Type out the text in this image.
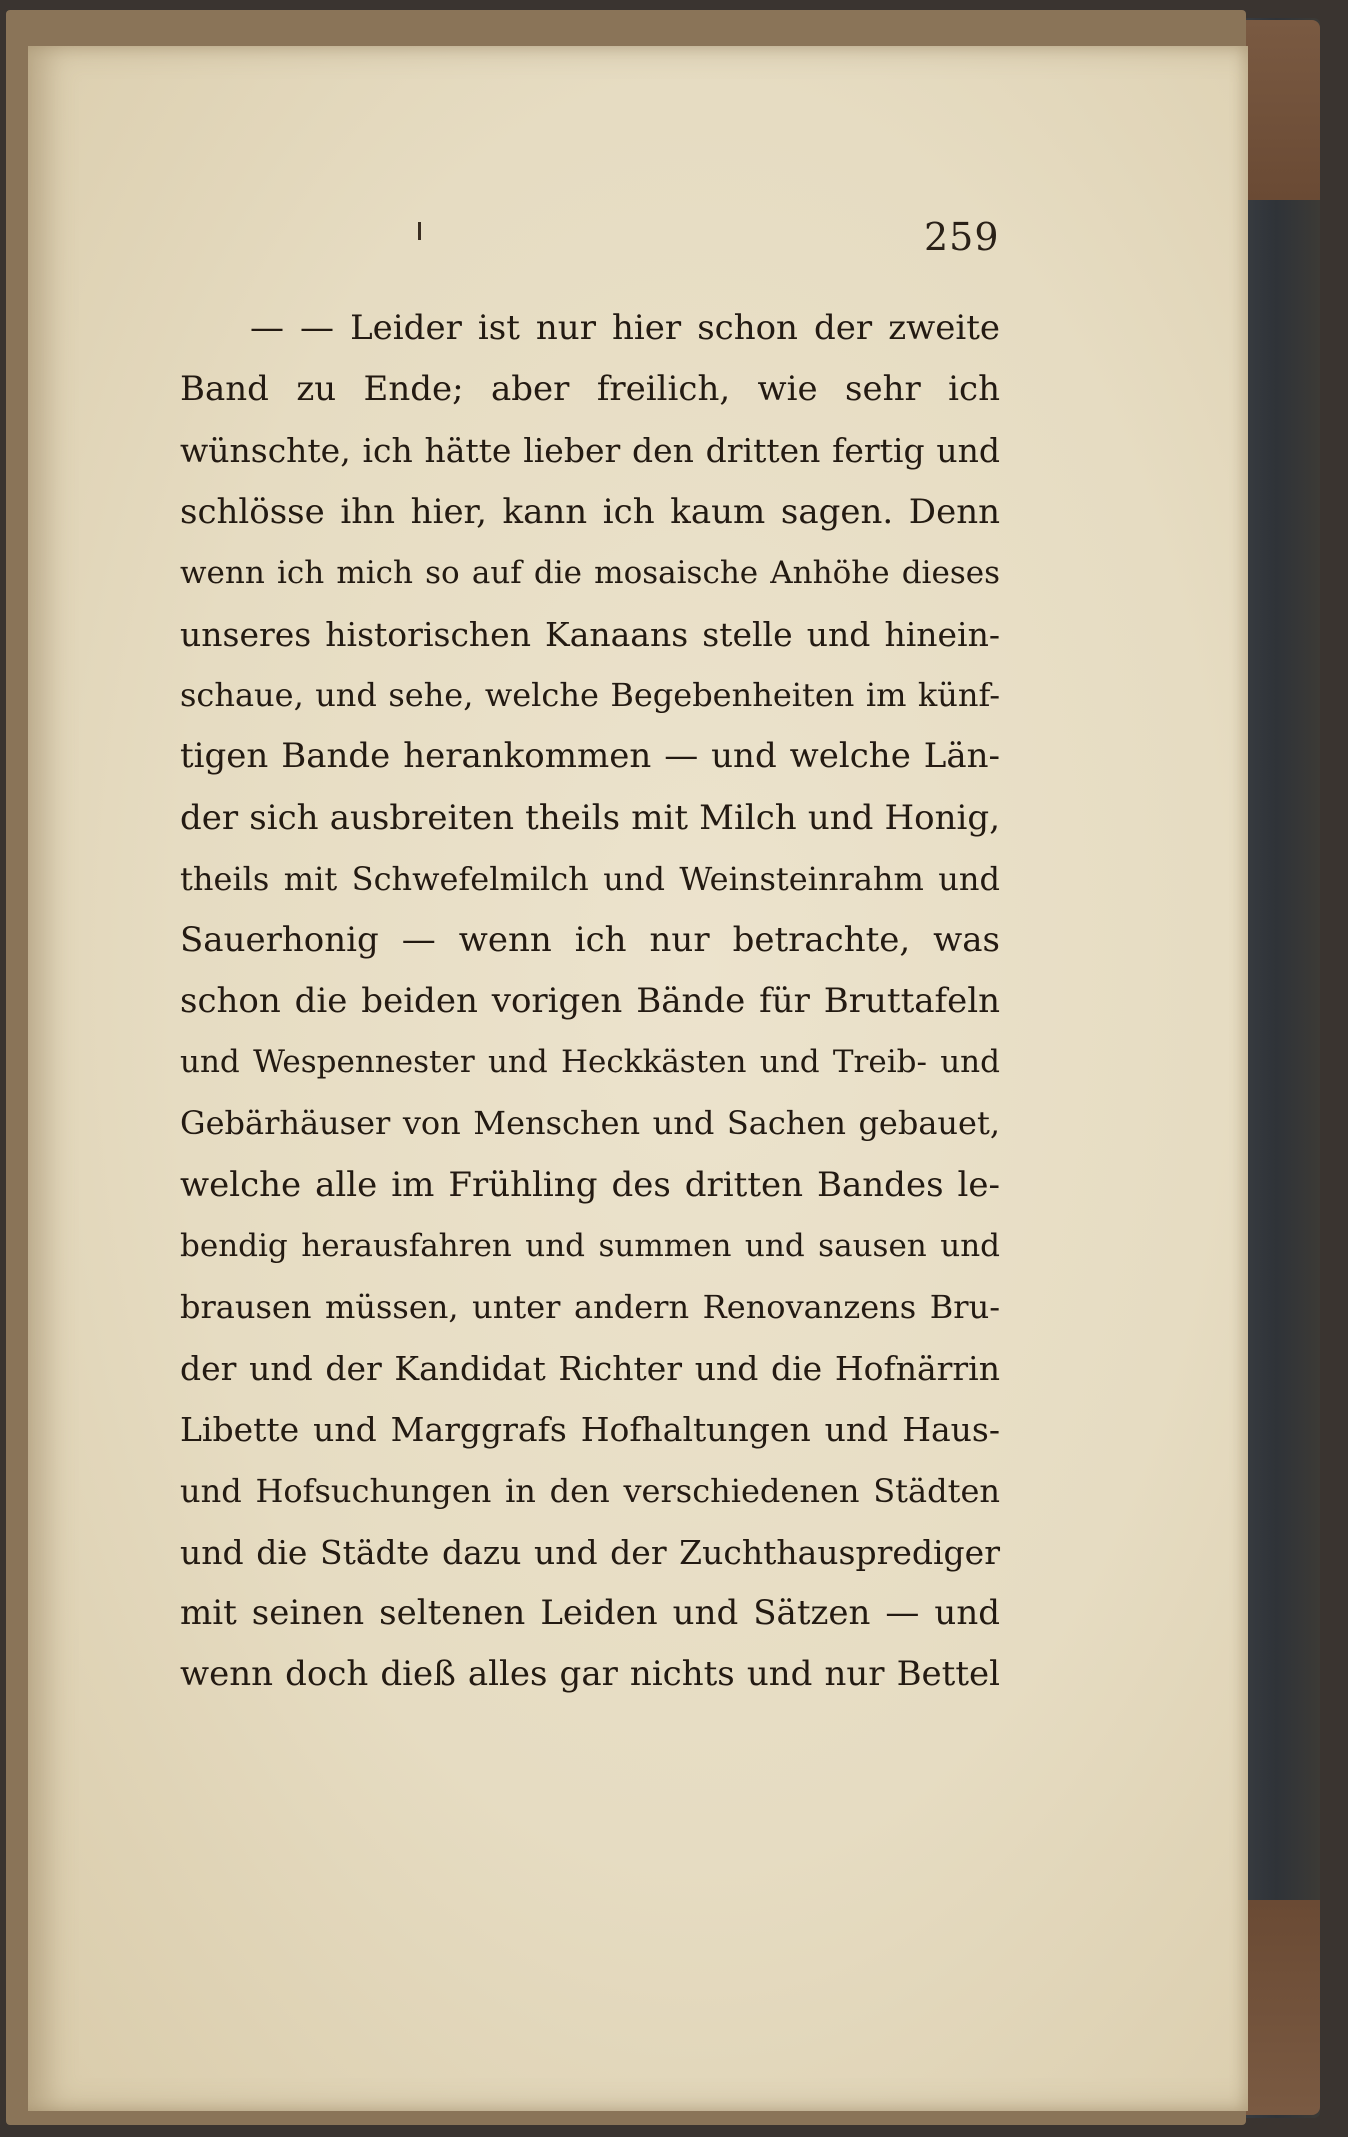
259
— — Leider ist nur hier schon der zweite
Band zu Ende; aber freilich, wie sehr ich
wünschte, ich hätte lieber den dritten fertig und
schlösse ihn hier, kann ich kaum sagen. Denn
wenn ich mich so auf die mosaische Anhöhe dieses
unseres historischen Kanaans stelle und hinein-
schaue, und sehe, welche Begebenheiten im künf-
tigen Bande herankommen — und welche Län-
der sich ausbreiten theils mit Milch und Honig,
theils mit Schwefelmilch und Weinsteinrahm und
Sauerhonig — wenn ich nur betrachte, was
schon die beiden vorigen Bände für Bruttafeln
und Wespennester und Heckkästen und Treib- und
Gebärhäuser von Menschen und Sachen gebauet,
welche alle im Frühling des dritten Bandes le-
bendig herausfahren und summen und sausen und
brausen müssen, unter andern Renovanzens Bru-
der und der Kandidat Richter und die Hofnärrin
Libette und Marggrafs Hofhaltungen und Haus-
und Hofsuchungen in den verschiedenen Städten
und die Städte dazu und der Zuchthausprediger
mit seinen seltenen Leiden und Sätzen — und
wenn doch dieß alles gar nichts und nur Bettel
